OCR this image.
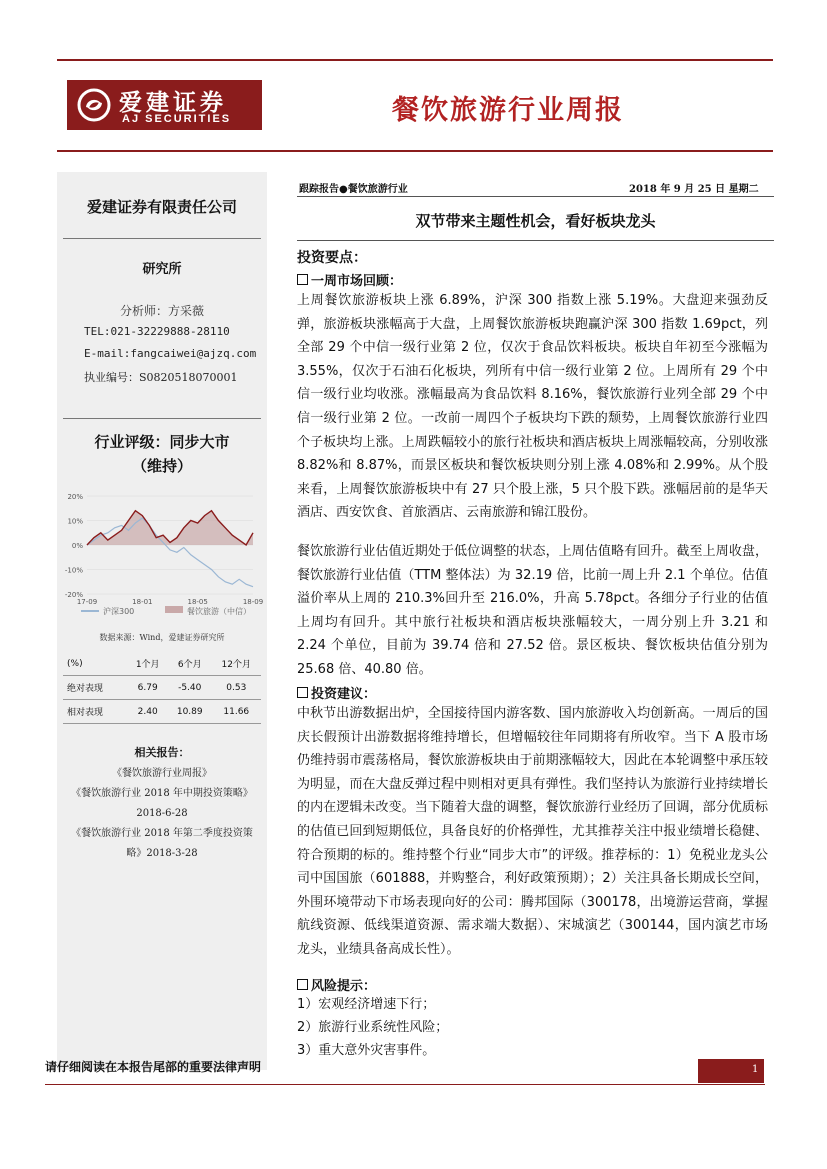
爱建证券
AJ SECURITIES	餐饮旅游行业周报
爱建证券有限责任公司
研究所
分析师：方采薇
TEL:021-32229888-28110
E-mail:fangcaiwei@ajzq.com
执业编号：S0820518070001
行业评级：同步大市
（维持）
20%
10%
0%
-10%
-20%
17-09	18-01	18-05	18-09
沪深300	餐饮旅游（中信）
数据来源：Wind，爱建证券研究所
(%)	1个月	6个月	12个月
绝对表现	6.79	-5.40	0.53
相对表现	2.40	10.89	11.66
相关报告：
《餐饮旅游行业周报》
《餐饮旅游行业 2018 年中期投资策略》
2018-6-28
《餐饮旅游行业 2018 年第二季度投资策
略》2018-3-28
跟踪报告●餐饮旅游行业	2018 年 9 月 25 日 星期二
双节带来主题性机会，看好板块龙头
投资要点：
一周市场回顾：
上周餐饮旅游板块上涨 6.89%，沪深 300 指数上涨 5.19%。大盘迎来强劲反弹，旅游板块涨幅高于大盘，上周餐饮旅游板块跑赢沪深 300 指数 1.69pct，列全部 29 个中信一级行业第 2 位，仅次于食品饮料板块。板块自年初至今涨幅为 3.55%，仅次于石油石化板块，列所有中信一级行业第 2 位。上周所有 29 个中信一级行业均收涨。涨幅最高为食品饮料 8.16%，餐饮旅游行业列全部 29 个中信一级行业第 2 位。一改前一周四个子板块均下跌的颓势，上周餐饮旅游行业四个子板块均上涨。上周跌幅较小的旅行社板块和酒店板块上周涨幅较高，分别收涨 8.82%和 8.87%，而景区板块和餐饮板块则分别上涨 4.08%和 2.99%。从个股来看，上周餐饮旅游板块中有 27 只个股上涨，5 只个股下跌。涨幅居前的是华天酒店、西安饮食、首旅酒店、云南旅游和锦江股份。
餐饮旅游行业估值近期处于低位调整的状态，上周估值略有回升。截至上周收盘，餐饮旅游行业估值（TTM 整体法）为 32.19 倍，比前一周上升 2.1 个单位。估值溢价率从上周的 210.3%回升至 216.0%，升高 5.78pct。各细分子行业的估值上周均有回升。其中旅行社板块和酒店板块涨幅较大，一周分别上升 3.21 和 2.24 个单位，目前为 39.74 倍和 27.52 倍。景区板块、餐饮板块估值分别为 25.68 倍、40.80 倍。
投资建议：
中秋节出游数据出炉，全国接待国内游客数、国内旅游收入均创新高。一周后的国庆长假预计出游数据将维持增长，但增幅较往年同期将有所收窄。当下 A 股市场仍维持弱市震荡格局，餐饮旅游板块由于前期涨幅较大，因此在本轮调整中承压较为明显，而在大盘反弹过程中则相对更具有弹性。我们坚持认为旅游行业持续增长的内在逻辑未改变。当下随着大盘的调整，餐饮旅游行业经历了回调，部分优质标的估值已回到短期低位，具备良好的价格弹性，尤其推荐关注中报业绩增长稳健、符合预期的标的。维持整个行业“同步大市”的评级。推荐标的：1）免税业龙头公司中国国旅（601888，并购整合，利好政策预期）；2）关注具备长期成长空间，外围环境带动下市场表现向好的公司：腾邦国际（300178，出境游运营商，掌握航线资源、低线渠道资源、需求端大数据）、宋城演艺（300144，国内演艺市场龙头，业绩具备高成长性）。
风险提示：
1）宏观经济增速下行；
2）旅游行业系统性风险；
3）重大意外灾害事件。
请仔细阅读在本报告尾部的重要法律声明	1
